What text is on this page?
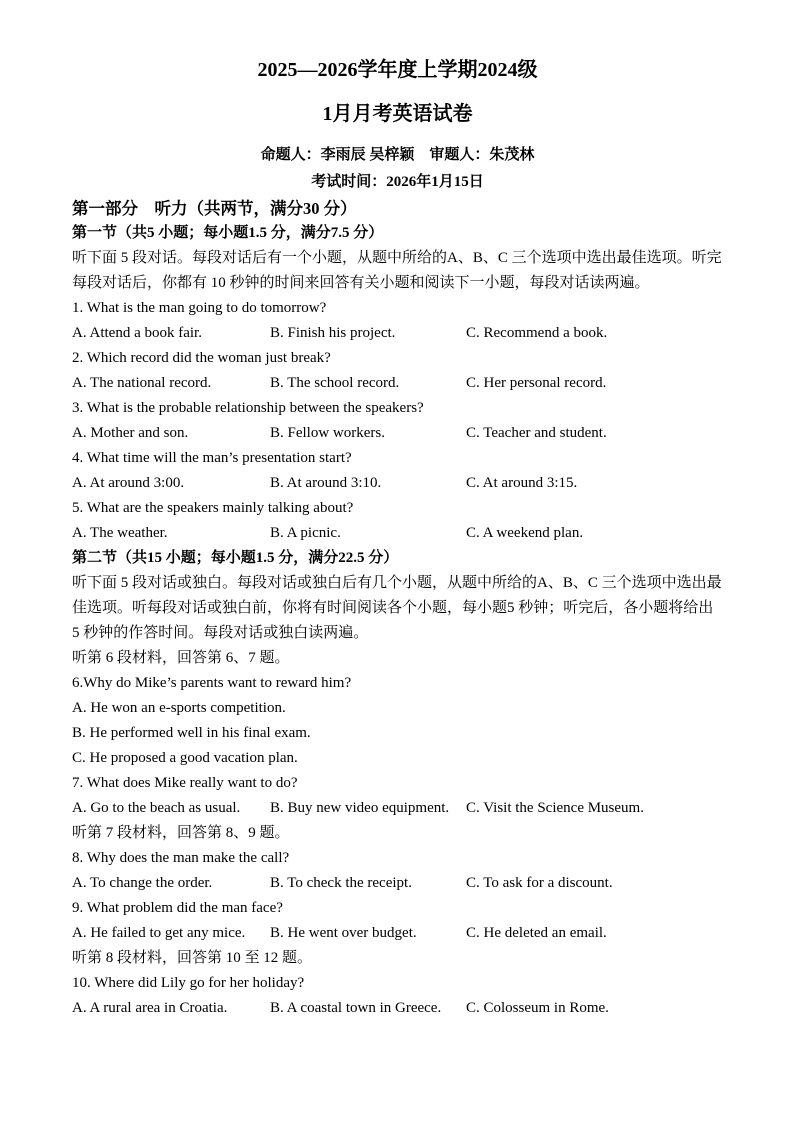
2025—2026学年度上学期2024级
1月月考英语试卷
命题人：李雨辰 吴梓颖　审题人：朱茂林
考试时间：2026年1月15日
第一部分　听力（共两节，满分30 分）
第一节（共5 小题；每小题1.5 分，满分7.5 分）

听下面 5 段对话。每段对话后有一个小题，从题中所给的A、B、C 三个选项中选出最佳选项。听完每段对话后，你都有 10 秒钟的时间来回答有关小题和阅读下一小题，每段对话读两遍。

1. What is the man going to do tomorrow?
A. Attend a book fair.	B. Finish his project.	C. Recommend a book.
2. Which record did the woman just break?
A. The national record.	B. The school record.	C. Her personal record.
3. What is the probable relationship between the speakers?
A. Mother and son.	B. Fellow workers.	C. Teacher and student.
4. What time will the man’s presentation start?
A. At around 3:00.	B. At around 3:10.	C. At around 3:15.
5. What are the speakers mainly talking about?
A. The weather.	B. A picnic.	C. A weekend plan.
第二节（共15 小题；每小题1.5 分，满分22.5 分）

听下面 5 段对话或独白。每段对话或独白后有几个小题，从题中所给的A、B、C 三个选项中选出最佳选项。听每段对话或独白前，你将有时间阅读各个小题，每小题5 秒钟；听完后，各小题将给出 5 秒钟的作答时间。每段对话或独白读两遍。

听第 6 段材料，回答第 6、7 题。
6.Why do Mike’s parents want to reward him?
A. He won an e-sports competition.
B. He performed well in his final exam.
C. He proposed a good vacation plan.
7. What does Mike really want to do?
A. Go to the beach as usual.	B. Buy new video equipment.	C. Visit the Science Museum.
听第 7 段材料，回答第 8、9 题。
8. Why does the man make the call?
A. To change the order.	B. To check the receipt.	C. To ask for a discount.
9. What problem did the man face?
A. He failed to get any mice.	B. He went over budget.	C. He deleted an email.
听第 8 段材料，回答第 10 至 12 题。
10. Where did Lily go for her holiday?
A. A rural area in Croatia.	B. A coastal town in Greece.	C. Colosseum in Rome.
